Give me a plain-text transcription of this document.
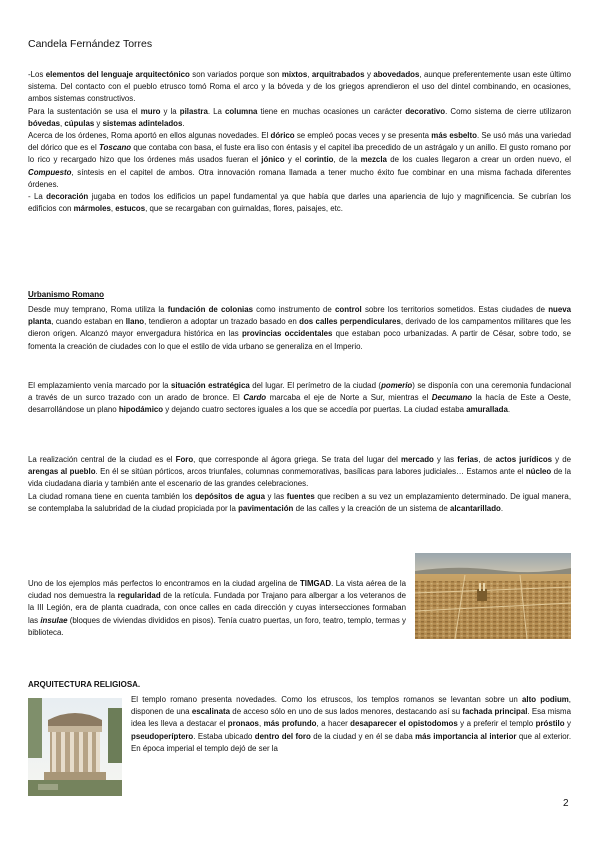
Candela Fernández Torres

-Los elementos del lenguaje arquitectónico son variados porque son mixtos, arquitrabados y abovedados, aunque preferentemente usan este último sistema. Del contacto con el pueblo etrusco tomó Roma el arco y la bóveda y de los griegos aprendieron el uso del dintel combinando, en ocasiones, ambos sistemas constructivos.

Para la sustentación se usa el muro y la pilastra. La columna tiene en muchas ocasiones un carácter decorativo. Como sistema de cierre utilizaron bóvedas, cúpulas y sistemas adintelados.

Acerca de los órdenes, Roma aportó en ellos algunas novedades. El dórico se empleó pocas veces y se presenta más esbelto. Se usó más una variedad del dórico que es el Toscano que contaba con basa, el fuste era liso con éntasis y el capitel iba precedido de un astrágalo y un anillo. El gusto romano por lo rico y recargado hizo que los órdenes más usados fueran el jónico y el corintio, de la mezcla de los cuales llegaron a crear un orden nuevo, el Compuesto, síntesis en el capitel de ambos. Otra innovación romana llamada a tener mucho éxito fue combinar en una misma fachada diferentes órdenes.

- La decoración jugaba en todos los edificios un papel fundamental ya que había que darles una apariencia de lujo y magnificencia. Se cubrían los edificios con mármoles, estucos, que se recargaban con guirnaldas, flores, paisajes, etc.

Urbanismo Romano

Desde muy temprano, Roma utiliza la fundación de colonias como instrumento de control sobre los territorios sometidos. Estas ciudades de nueva planta, cuando estaban en llano, tendieron a adoptar un trazado basado en dos calles perpendiculares, derivado de los campamentos militares que les dieron origen. Alcanzó mayor envergadura histórica en las provincias occidentales que estaban poco urbanizadas. A partir de César, sobre todo, se fomenta la creación de ciudades con lo que el estilo de vida urbano se generaliza en el Imperio.

El emplazamiento venía marcado por la situación estratégica del lugar. El perímetro de la ciudad (pomerio) se disponía con una ceremonia fundacional a través de un surco trazado con un arado de bronce. El Cardo marcaba el eje de Norte a Sur, mientras el Decumano la hacía de Este a Oeste, desarrollándose un plano hipodámico y dejando cuatro sectores iguales a los que se accedía por puertas. La ciudad estaba amurallada.

La realización central de la ciudad es el Foro, que corresponde al ágora griega. Se trata del lugar del mercado y las ferias, de actos jurídicos y de arengas al pueblo. En él se sitúan pórticos, arcos triunfales, columnas conmemorativas, basílicas para labores judiciales… Estamos ante el núcleo de la vida ciudadana diaria y también ante el escenario de las grandes celebraciones.

La ciudad romana tiene en cuenta también los depósitos de agua y las fuentes que reciben a su vez un emplazamiento determinado. De igual manera, se contemplaba la salubridad de la ciudad propiciada por la pavimentación de las calles y la creación de un sistema de alcantarillado.

Uno de los ejemplos más perfectos lo encontramos en la ciudad argelina de TIMGAD. La vista aérea de la ciudad nos demuestra la regularidad de la retícula. Fundada por Trajano para albergar a los veteranos de la III Legión, era de planta cuadrada, con once calles en cada dirección y cuyas intersecciones formaban las insulae (bloques de viviendas divididos en pisos). Tenía cuatro puertas, un foro, teatro, templo, termas y biblioteca.
ARQUITECTURA RELIGIOSA.
El templo romano presenta novedades. Como los etruscos, los templos romanos se levantan sobre un alto podium, disponen de una escalinata de acceso sólo en uno de sus lados menores, destacando así su fachada principal. Esa misma idea les lleva a destacar el pronaos, más profundo, a hacer desaparecer el opistodomos y a preferir el templo próstilo y pseudoperíptero. Estaba ubicado dentro del foro de la ciudad y en él se daba más importancia al interior que al exterior. En época imperial el templo dejó de ser la
2
